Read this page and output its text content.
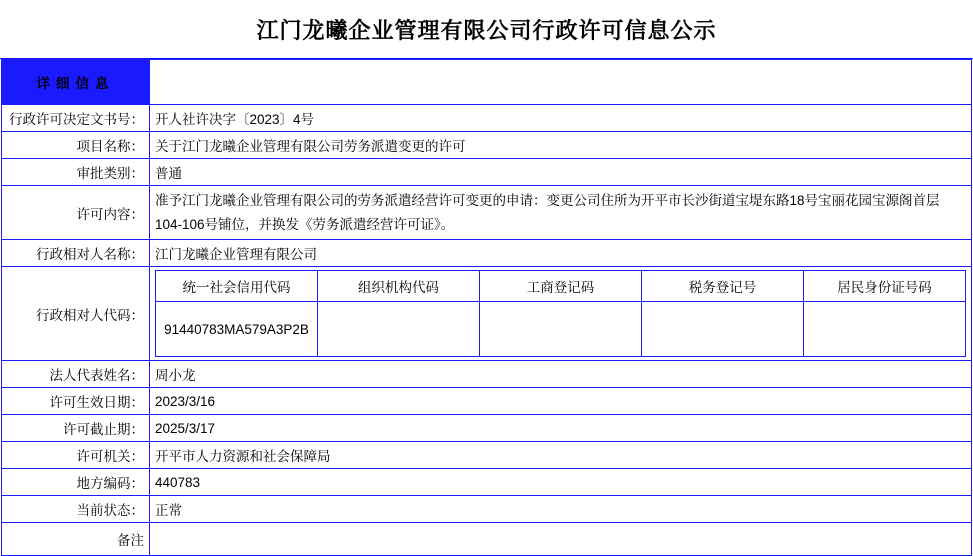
江门龙曦企业管理有限公司行政许可信息公示
详细信息	
行政许可决定文书号：	开人社许决字〔2023〕4号
项目名称：	关于江门龙曦企业管理有限公司劳务派遣变更的许可
审批类别：	普通
许可内容：	准予江门龙曦企业管理有限公司的劳务派遣经营许可变更的申请：变更公司住所为开平市长沙街道宝堤东路18号宝丽花园宝源阁首层104-106号铺位，并换发《劳务派遣经营许可证》。
行政相对人名称：	江门龙曦企业管理有限公司
行政相对人代码：	
统一社会信用代码	组织机构代码	工商登记码	税务登记号	居民身份证号码
91440783MA579A3P2B				

法人代表姓名：	周小龙
许可生效日期：	2023/3/16
许可截止期：	2025/3/17
许可机关：	开平市人力资源和社会保障局
地方编码：	440783
当前状态：	正常
备注	
